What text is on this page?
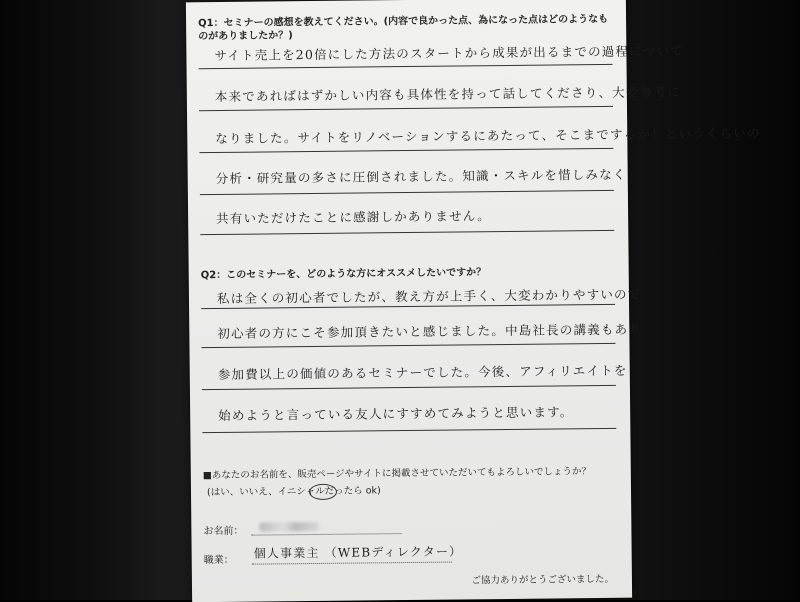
Q1：セミナーの感想を教えてください。(内容で良かった点、為になった点はどのようなものがありましたか？)
サイト売上を20倍にした方法のスタートから成果が出るまでの過程について
本来であればはずかしい内容も具体性を持って話してくださり、大変参考に
なりました。サイトをリノベーションするにあたって、そこまでするか！というくらいの
分析・研究量の多さに圧倒されました。知識・スキルを惜しみなく
共有いただけたことに感謝しかありません。
Q2：このセミナーを、どのような方にオススメしたいですか？
私は全くの初心者でしたが、教え方が上手く、大変わかりやすいので
初心者の方にこそ参加頂きたいと感じました。中島社長の講義もあり
参加費以上の価値のあるセミナーでした。今後、アフィリエイトを
始めようと言っている友人にすすめてみようと思います。
■あなたのお名前を、販売ページやサイトに掲載させていただいてもよろしいでしょうか？
(はい、いいえ、イニシャルだったら ok)
お名前：
職業： 個人事業主 （WEBディレクター）
ご協力ありがとうございました。
